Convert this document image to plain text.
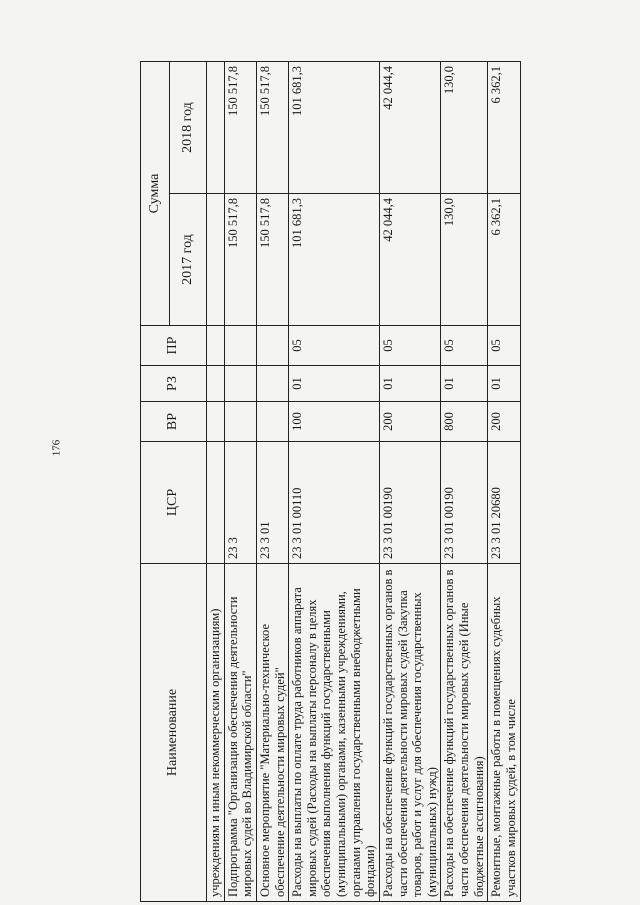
176
Наименование	ЦСР	ВР	РЗ	ПР	Сумма	
					2017 год	2018 год
учреждениям и иным некоммерческим организациям)						
Подпрограмма "Организация обеспечения деятельности мировых судей во Владимирской области"	23 3				150 517,8	150 517,8
Основное мероприятие "Материально-техническое обеспечение деятельности мировых судей"	23 3 01				150 517,8	150 517,8
Расходы на выплаты по оплате труда работников аппарата мировых судей (Расходы на выплаты персоналу в целях обеспечения выполнения функций государственными (муниципальными) органами, казенными учреждениями, органами управления государственными внебюджетными фондами)	23 3 01 00110	100	01	05	101 681,3	101 681,3
Расходы на обеспечение функций государственных органов в части обеспечения деятельности мировых судей (Закупка товаров, работ и услуг для обеспечения государственных (муниципальных) нужд)	23 3 01 00190	200	01	05	42 044,4	42 044,4
Расходы на обеспечение функций государственных органов в части обеспечения деятельности мировых судей (Иные бюджетные ассигнования)	23 3 01 00190	800	01	05	130,0	130,0
Ремонтные, монтажные работы в помещениях судебных участков мировых судей, в том числе	23 3 01 20680	200	01	05	6 362,1	6 362,1
